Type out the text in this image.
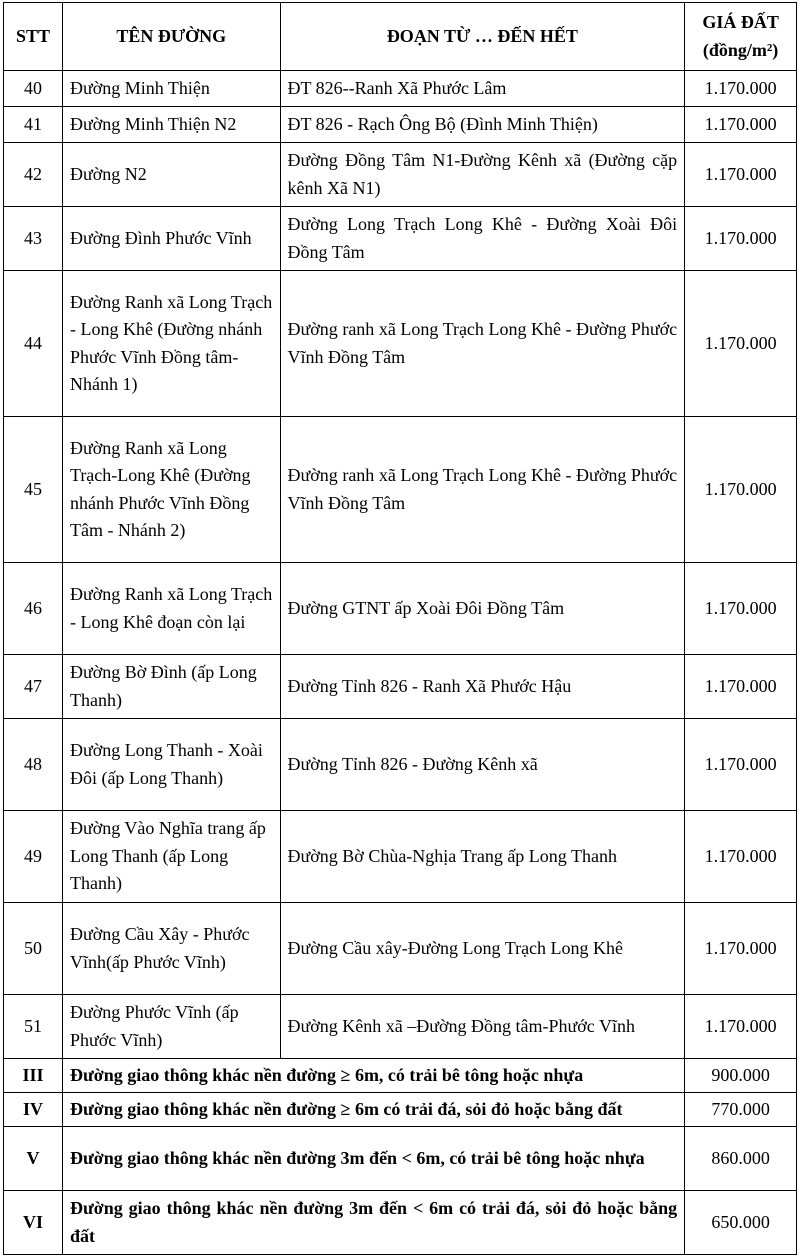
STT	TÊN ĐƯỜNG	ĐOẠN TỪ … ĐẾN HẾT	GIÁ ĐẤT
(đồng/m²)
40	Đường Minh Thiện	ĐT 826--Ranh Xã Phước Lâm	1.170.000
41	Đường Minh Thiện N2	ĐT 826 - Rạch Ông Bộ (Đình Minh Thiện)	1.170.000
42	Đường N2	Đường Đồng Tâm N1-Đường Kênh xã (Đường cặp kênh Xã N1)	1.170.000
43	Đường Đình Phước Vĩnh	Đường Long Trạch Long Khê - Đường Xoài Đôi Đồng Tâm	1.170.000
44	Đường Ranh xã Long Trạch - Long Khê (Đường nhánh Phước Vĩnh Đồng tâm-Nhánh 1)	Đường ranh xã Long Trạch Long Khê - Đường Phước Vĩnh Đồng Tâm	1.170.000
45	Đường Ranh xã Long Trạch-Long Khê (Đường nhánh Phước Vĩnh Đồng Tâm - Nhánh 2)	Đường ranh xã Long Trạch Long Khê - Đường Phước Vĩnh Đồng Tâm	1.170.000
46	Đường Ranh xã Long Trạch - Long Khê đoạn còn lại	Đường GTNT ấp Xoài Đôi Đồng Tâm	1.170.000
47	Đường Bờ Đình (ấp Long Thanh)	Đường Tỉnh 826 - Ranh Xã Phước Hậu	1.170.000
48	Đường Long Thanh - Xoài Đôi (ấp Long Thanh)	Đường Tỉnh 826 - Đường Kênh xã	1.170.000
49	Đường Vào Nghĩa trang ấp Long Thanh (ấp Long Thanh)	Đường Bờ Chùa-Nghịa Trang ấp Long Thanh	1.170.000
50	Đường Cầu Xây - Phước Vĩnh(ấp Phước Vĩnh)	Đường Cầu xây-Đường Long Trạch Long Khê	1.170.000
51	Đường Phước Vĩnh (ấp Phước Vĩnh)	Đường Kênh xã –Đường Đồng tâm-Phước Vĩnh	1.170.000
III	Đường giao thông khác nền đường ≥ 6m, có trải bê tông hoặc nhựa		900.000
IV	Đường giao thông khác nền đường ≥ 6m có trải đá, sỏi đỏ hoặc bằng đất		770.000
V	Đường giao thông khác nền đường 3m đến < 6m, có trải bê tông hoặc nhựa		860.000
VI	Đường giao thông khác nền đường 3m đến < 6m có trải đá, sỏi đỏ hoặc bằng đất		650.000
